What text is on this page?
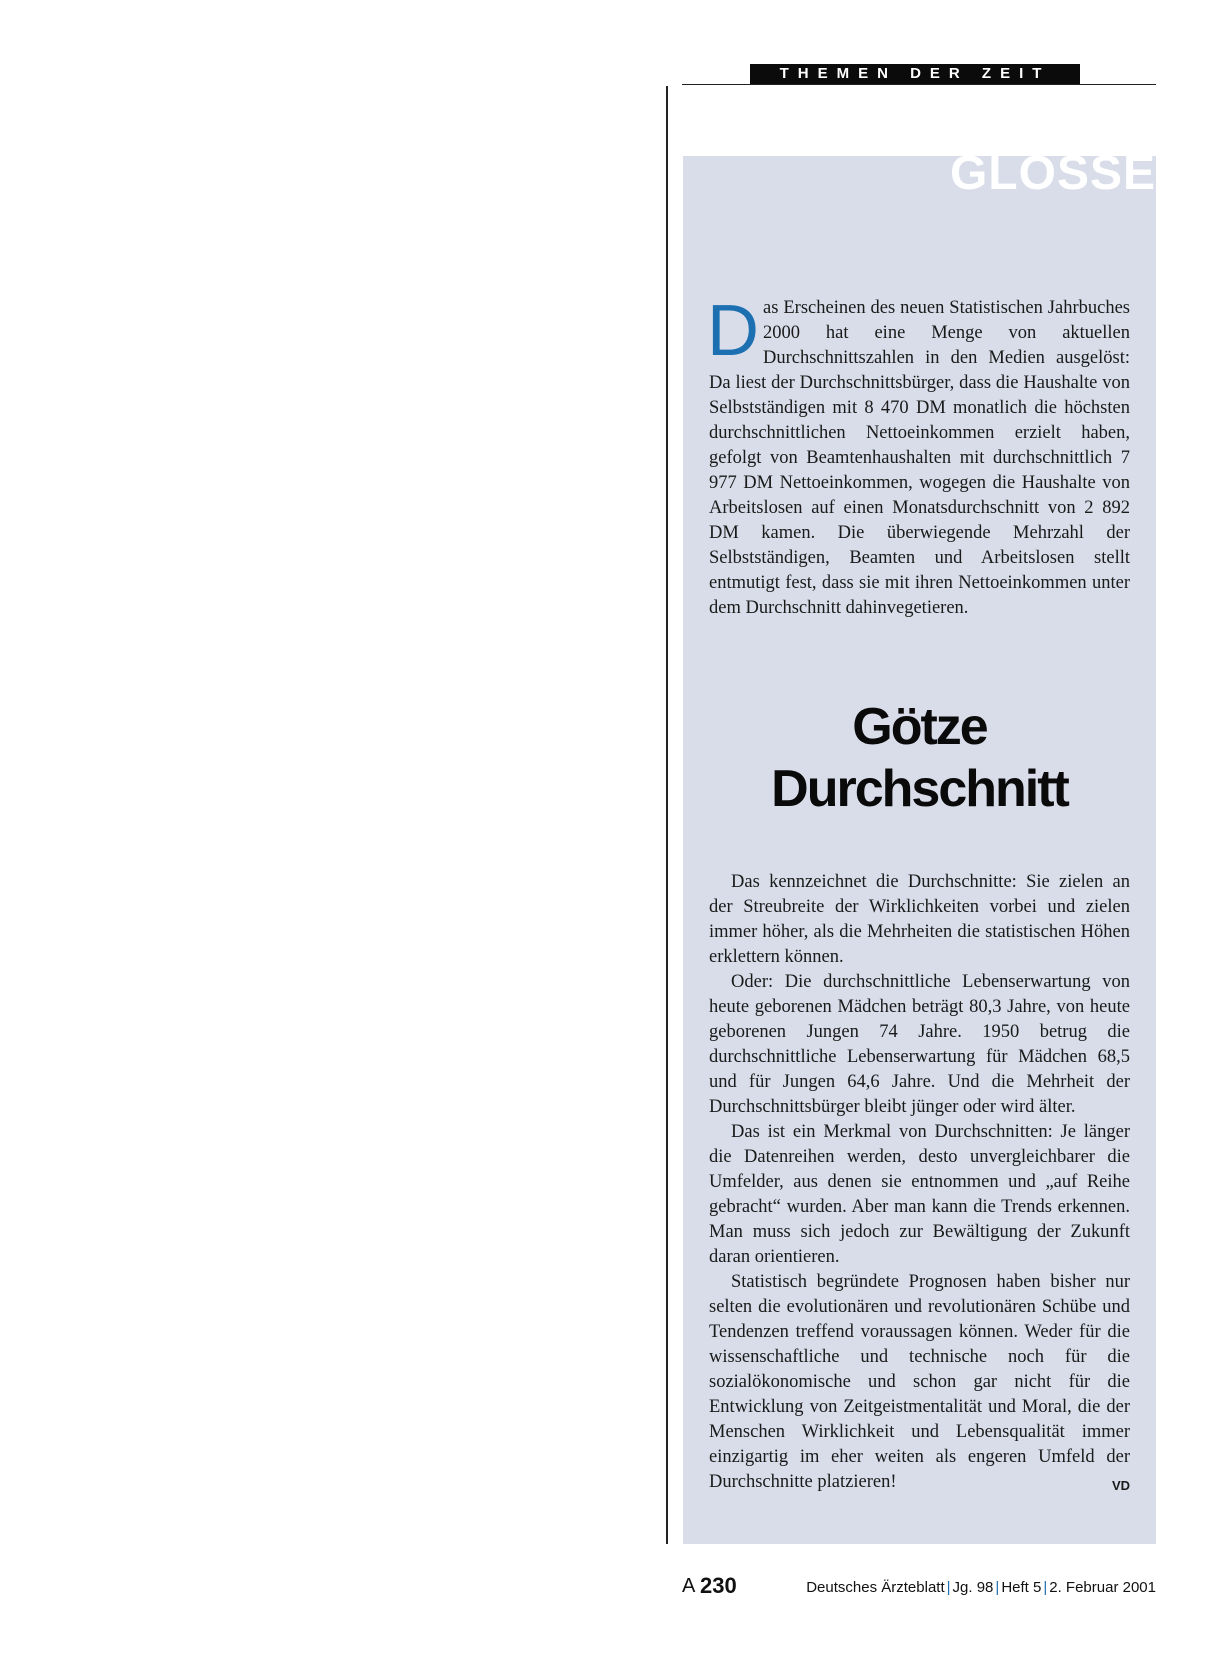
THEMEN DER ZEIT
GLOSSE

D as Erscheinen des neuen Statistischen Jahrbuches 2000 hat eine Menge von aktuellen Durchschnittszahlen in den Medien ausgelöst: Da liest der Durchschnittsbürger, dass die Haushalte von Selbstständigen mit 8 470 DM monatlich die höchsten durchschnittlichen Nettoeinkommen erzielt haben, gefolgt von Beamtenhaushalten mit durchschnittlich 7 977 DM Nettoeinkommen, wogegen die Haushalte von Arbeitslosen auf einen Monatsdurchschnitt von 2 892 DM kamen. Die überwiegende Mehrzahl der Selbstständigen, Beamten und Arbeitslosen stellt entmutigt fest, dass sie mit ihren Nettoeinkommen unter dem Durchschnitt dahinvegetieren.

Götze
Durchschnitt

Das kennzeichnet die Durchschnitte: Sie zielen an der Streubreite der Wirklichkeiten vorbei und zielen immer höher, als die Mehrheiten die statistischen Höhen erklettern können.

Oder: Die durchschnittliche Lebenserwartung von heute geborenen Mädchen beträgt 80,3 Jahre, von heute geborenen Jungen 74 Jahre. 1950 betrug die durchschnittliche Lebenserwartung für Mädchen 68,5 und für Jungen 64,6 Jahre. Und die Mehrheit der Durchschnittsbürger bleibt jünger oder wird älter.

Das ist ein Merkmal von Durchschnitten: Je länger die Datenreihen werden, desto unvergleichbarer die Umfelder, aus denen sie entnommen und „auf Reihe gebracht“ wurden. Aber man kann die Trends erkennen. Man muss sich jedoch zur Bewältigung der Zukunft daran orientieren.

Statistisch begründete Prognosen haben bisher nur selten die evolutionären und revolutionären Schübe und Tendenzen treffend voraussagen können. Weder für die wissenschaftliche und technische noch für die sozialökonomische und schon gar nicht für die Entwicklung von Zeitgeistmentalität und Moral, die der Menschen Wirklichkeit und Lebensqualität immer einzigartig im eher weiten als engeren Umfeld der Durchschnitte platzieren!	VD

A 230	Deutsches Ärzteblatt | Jg. 98 | Heft 5 | 2. Februar 2001
